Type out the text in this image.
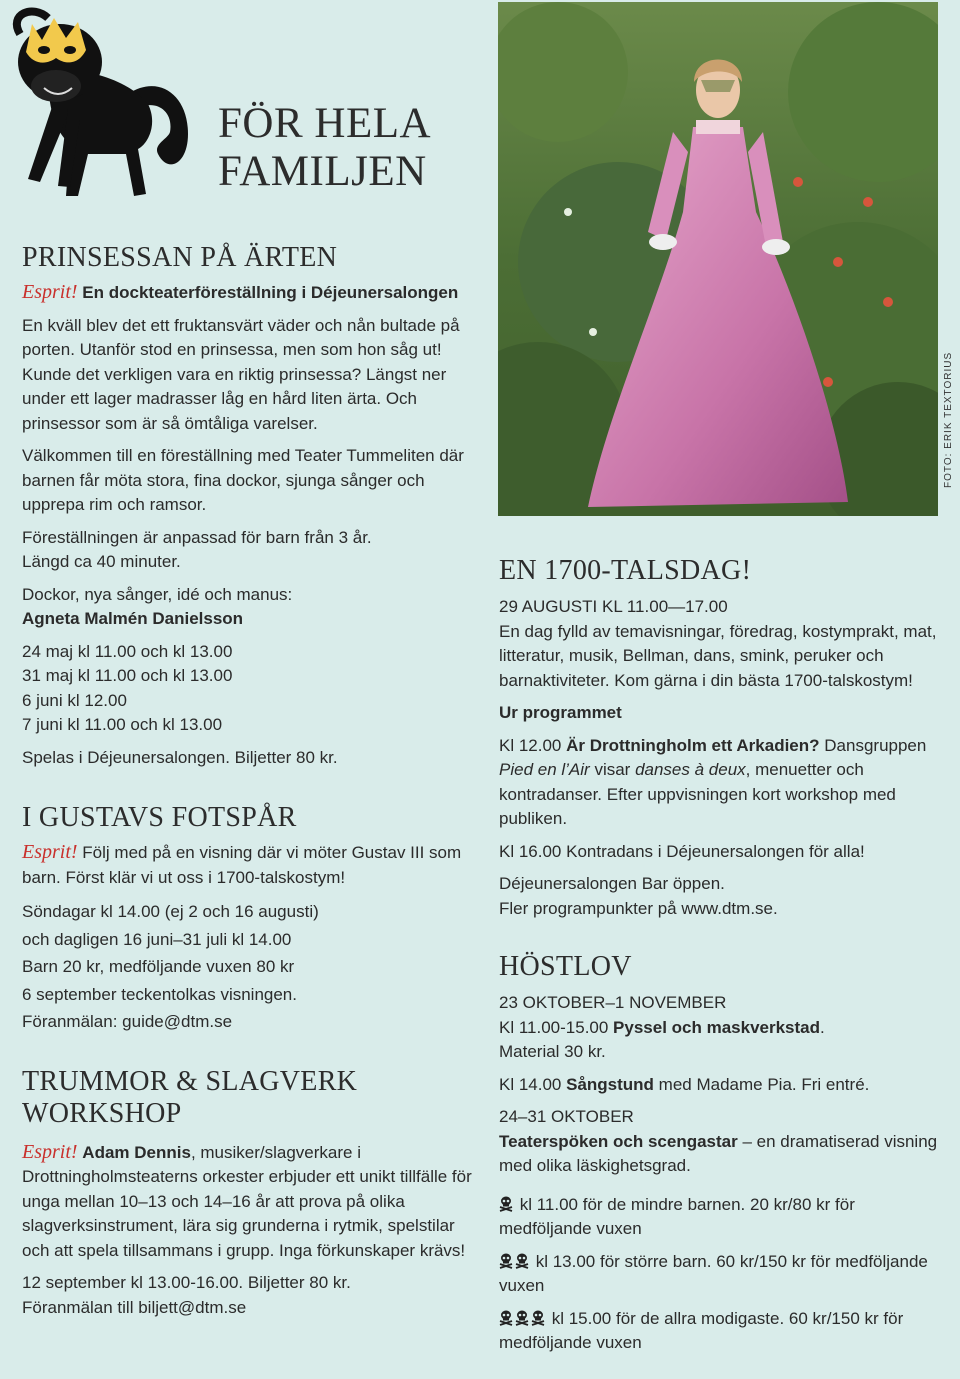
FÖR HELA
FAMILJEN
PRINSESSAN PÅ ÄRTEN
Esprit! En dockteaterföreställning i Déjeunersalongen

En kväll blev det ett fruktansvärt väder och nån bultade på porten. Utanför stod en prinsessa, men som hon såg ut! Kunde det verkligen vara en riktig prinsessa? Längst ner under ett lager madrasser låg en hård liten ärta. Och prinsessor som är så ömtåliga varelser.

Välkommen till en föreställning med Teater Tummeliten där barnen får möta stora, fina dockor, sjunga sånger och upprepa rim och ramsor.

Föreställningen är anpassad för barn från 3 år.

Längd ca 40 minuter.

Dockor, nya sånger, idé och manus:

Agneta Malmén Danielsson

24 maj kl 11.00 och kl 13.00

31 maj kl 11.00 och kl 13.00

6 juni kl 12.00

7 juni kl 11.00 och kl 13.00

Spelas i Déjeunersalongen. Biljetter 80 kr.

I GUSTAVS FOTSPÅR

Esprit! Följ med på en visning där vi möter Gustav III som barn. Först klär vi ut oss i 1700-talskostym!

Söndagar kl 14.00 (ej 2 och 16 augusti)

och dagligen 16 juni–31 juli kl 14.00

Barn 20 kr, medföljande vuxen 80 kr

6 september teckentolkas visningen.

Föranmälan: guide@dtm.se

TRUMMOR & SLAGVERK
WORKSHOP

Esprit! Adam Dennis, musiker/slagverkare i Drottningholmsteaterns orkester erbjuder ett unikt tillfälle för unga mellan 10–13 och 14–16 år att prova på olika slagverksinstrument, lära sig grunderna i rytmik, spelstilar och att spela tillsammans i grupp. Inga förkunskaper krävs!

12 september kl 13.00-16.00. Biljetter 80 kr.

Föranmälan till biljett@dtm.se

FOTO: ERIK TEXTORIUS
EN 1700-TALSDAG!

29 AUGUSTI KL 11.00—17.00

En dag fylld av temavisningar, föredrag, kostymprakt, mat, litteratur, musik, Bellman, dans, smink, peruker och barnaktiviteter. Kom gärna i din bästa 1700-talskostym!

Ur programmet

Kl 12.00 Är Drottningholm ett Arkadien? Dansgruppen Pied en l’Air visar danses à deux, menuetter och kontradanser. Efter uppvisningen kort workshop med publiken.

Kl 16.00 Kontradans i Déjeunersalongen för alla!

Déjeunersalongen Bar öppen.

Fler programpunkter på www.dtm.se.

HÖSTLOV

23 OKTOBER–1 NOVEMBER

Kl 11.00-15.00 Pyssel och maskverkstad.

Material 30 kr.

Kl 14.00 Sångstund med Madame Pia. Fri entré.

24–31 OKTOBER

Teaterspöken och scengastar – en dramatiserad visning med olika läskighetsgrad.

kl 11.00 för de mindre barnen. 20 kr/80 kr för medföljande vuxen

kl 13.00 för större barn. 60 kr/150 kr för medföljande vuxen

kl 15.00 för de allra modigaste. 60 kr/150 kr för medföljande vuxen
